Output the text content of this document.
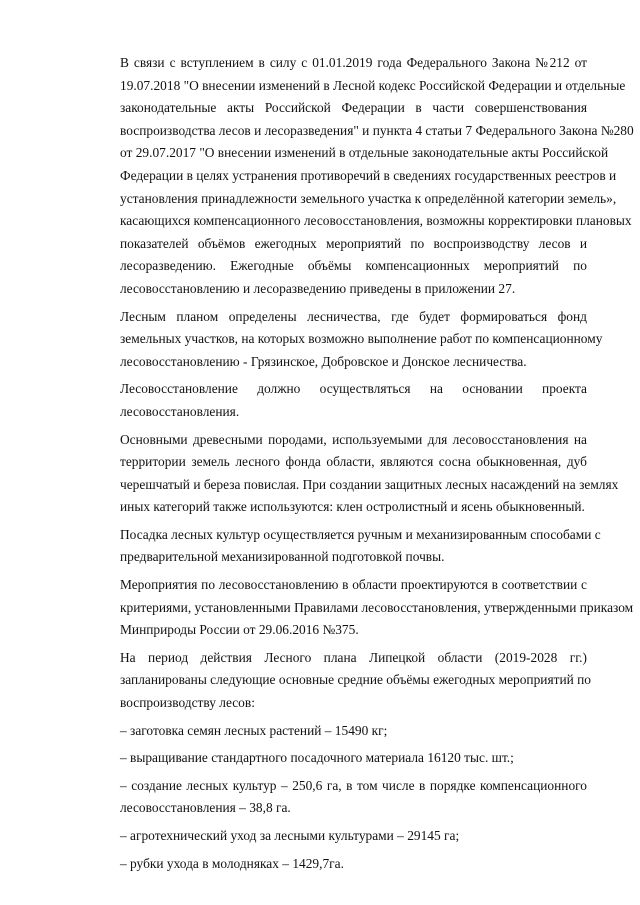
В связи с вступлением в силу с 01.01.2019 года Федерального Закона №212 от
19.07.2018 "О внесении изменений в Лесной кодекс Российской Федерации и отдельные
законодательные акты Российской Федерации в части совершенствования
воспроизводства лесов и лесоразведения" и пункта 4 статьи 7 Федерального Закона №280
от 29.07.2017 "О внесении изменений в отдельные законодательные акты Российской
Федерации в целях устранения противоречий в сведениях государственных реестров и
установления принадлежности земельного участка к определённой категории земель»,
касающихся компенсационного лесовосстановления, возможны корректировки плановых
показателей объёмов ежегодных мероприятий по воспроизводству лесов и
лесоразведению. Ежегодные объёмы компенсационных мероприятий по
лесовосстановлению и лесоразведению приведены в приложении 27.
Лесным планом определены лесничества, где будет формироваться фонд
земельных участков, на которых возможно выполнение работ по компенсационному
лесовосстановлению - Грязинское, Добровское и Донское лесничества.
Лесовосстановление должно осуществляться на основании проекта
лесовосстановления.
Основными древесными породами, используемыми для лесовосстановления на
территории земель лесного фонда области, являются сосна обыкновенная, дуб
черешчатый и береза повислая. При создании защитных лесных насаждений на землях
иных категорий также используются: клен остролистный и ясень обыкновенный.
Посадка лесных культур осуществляется ручным и механизированным способами с
предварительной механизированной подготовкой почвы.
Мероприятия по лесовосстановлению в области проектируются в соответствии с
критериями, установленными Правилами лесовосстановления, утвержденными приказом
Минприроды России от 29.06.2016 №375.
На период действия Лесного плана Липецкой области (2019-2028 гг.)
запланированы следующие основные средние объёмы ежегодных мероприятий по
воспроизводству лесов:
– заготовка семян лесных растений – 15490 кг;
– выращивание стандартного посадочного материала 16120 тыс. шт.;
– создание лесных культур – 250,6 га, в том числе в порядке компенсационного
лесовосстановления – 38,8 га.
– агротехнический уход за лесными культурами – 29145 га;
– рубки ухода в молодняках – 1429,7га.
